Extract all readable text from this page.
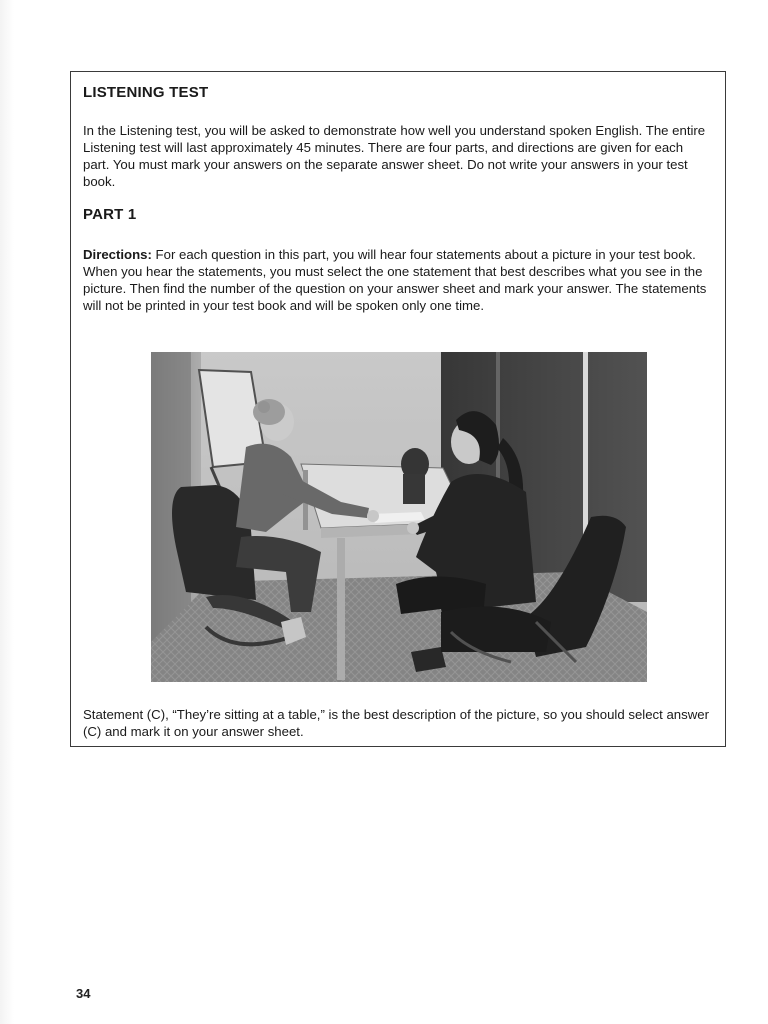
LISTENING TEST

In the Listening test, you will be asked to demonstrate how well you understand spoken English. The entire Listening test will last approximately 45 minutes. There are four parts, and directions are given for each part. You must mark your answers on the separate answer sheet. Do not write your answers in your test book.

PART 1

Directions: For each question in this part, you will hear four statements about a picture in your test book. When you hear the statements, you must select the one statement that best describes what you see in the picture. Then find the number of the question on your answer sheet and mark your answer. The statements will not be printed in your test book and will be spoken only one time.

Statement (C), “They’re sitting at a table,” is the best description of the picture, so you should select answer (C) and mark it on your answer sheet.

34
